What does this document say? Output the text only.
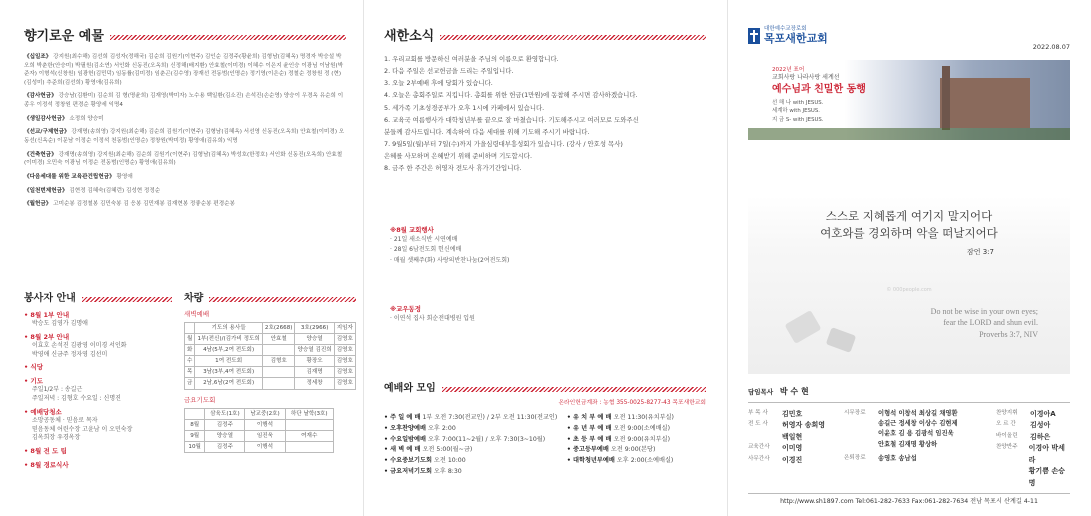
향기로운 예물
《십일조》 강지원(최수해) 김선희 김성자(정해국) 김순희 김원기(이현주) 김인순 김정주(황윤희) 김형남(김혜옥) 명경자 박승설 박오희 박춘한(안승미) 박필원(김소연) 서인화 신동진(오옥희) 신정해(배지환) 안효철(이미경) 이혜수 이은지 윤인승 이광님 이남원(박준자) 이형석(신창원) 임광헌(김민덕) 임동률(김미정) 임춘곤(김수영) 장재선 전동범(인명순) 정기영(이은순) 정철순 정창원 정 (현)(김성미) 추준희(김선희) 황영애(김유희)
《감사헌금》 강승남(김환미) 김순희 김 형(명윤희) 김재영(박미자) 노수용 백일환(김소진) 손석진(손순영) 양승이 우경옥 유순희 이종우 이정석 정창원 편경순 황양세 익명4
《생일감사헌금》 소정희 양승미
《선교/구제헌금》 강재명(송희영) 강지원(최순해) 김순희 김원기(이현주) 김형남(김혜옥) 서선영 신동진(오옥희) 안효철(이미경) 오동선(신옥순) 이문남 이정순 이정석 천동범(인명순) 정창원(박미정) 황영애(김유희) 익명
《건축헌금》 강재명(송희영) 강지원(최순해) 김순희 김원기(이현주) 김형남(김혜옥) 박성호(한정호) 서인화 신동진(오옥희) 안효철(이미경) 오민숙 이광님 이정순 전동범(인명순) 황영애(김유희)
《다음세대를 위한 교육관건립헌금》 황영애
《일천번제헌금》 김현정 김혜숙(김혜런) 김성현 정정순
《월헌금》 고미순봉 김정철봉 김민숙봉 김 응봉 김민재봉 김재현봉 정좋순봉 편경순봉
봉사자 안내
• 8월 1부 안내
박승도 김영가 김명애
• 8월 2부 안내
이효호 손석진 김광영 이미경 서인화
박영애 신금주 정자영 김선미
• 식당
• 기도
주일1/2부 : 송길근
주일저녁 : 김형호 수요일 : 신명진
• 예배당청소
소망공동체 · 믿음로 목자
믿음동체 어린수장 고윤남 이 오민숙장
김옥희장 우경옥장
• 8월 전 도 팀
• 8월 경로식사
차량
새벽예배
	기도의 용사들	2호(2668)	3호(2966)	지임자
월	1부(전신)/(김가비 정도희	안효철	양승열	김영호
화	4남(5부,2여 전도회)		양승열 김진희	김영호
수	1여 전도회	김형호	황장오	김영호
목	3남(3부,4여 전도회)		김재명	김영호
금	2남,6남(2여 전도회)		정세창	김영호
금요기도회
	삼육도(1호)	남교중(2호)	하단 날학(3호)
8월	김정주	이행석	
9월	양승열	임진욱	여재수
10월	김정주	이행석	
새한소식
1. 우리교회를 방문하신 여러분을 주님의 이름으로 환영합니다.
2. 다음 주일은 선교헌금을 드리는 주일입니다.
3. 오늘 2부예배 후에 당회가 있습니다.
4. 오늘은 총회주일로 지킵니다. 총회를 위한 헌금(1만원)에 동참해 주시면 감사하겠습니다.
5. 세가족 기초성경공부가 오후 1시에 카페에서 있습니다.
6. 교육국 여름행사가 대학청년부를 끝으로 잘 마쳤습니다. 기도해주시고 여러모로 도와주신
분들께 감사드립니다. 계속하여 다음 세대를 위해 기도해 주시기 바랍니다.
7. 9월5일(월)부터 7일(수)까지 가을심령대부흥성회가 있습니다. (강사 / 안호성 목사)
은혜를 사모하며 은혜받기 위해 준비하며 기도합시다.
8. 금주 한 주간은 허영자 전도사 휴가기간입니다.
※8월 교회행사
· 21일 새소식반 시연예배
· 28일 6남전도회 헌신예배
· 매월 셋째주(화) 사랑의반찬나눔(2여전도회)
※교우동정
· 이연석 집사 회순전대병원 입원
예배와 모임
온라인헌금계좌 : 농협 355-0025-8277-43 목포새한교회
• 주 일 예 배 1부 오전 7:30(전교인) / 2부 오전 11:30(전교인)
• 오후찬양예배 오후 2:00
• 수요일밤예배 오후 7:00(11~2월) / 오후 7:30(3~10월)
• 새 벽 예 배 오전 5:00(월~금)
• 수요중보기도회 오전 10:00
• 금요저녁기도회 오후 8:30
• 유 치 부 예 배 오전 11:30(유치부실)
• 유 년 부 예 배 오전 9:00(소예배실)
• 초 등 부 예 배 오전 9:00(유치부실)
• 중고등부예배 오전 9:00(본당)
• 대학청년부예배 오후 2:00(소예배실)
대한예수교장로회
목포새한교회
2022.08.07
2022년 표어
교회사랑 나라사랑 세계선
예수님과 친밀한 동행
선 해 나 with JESUS.
세계하 with JESUS.
지 금 S- with JESUS.
스스로 지혜롭게 여기지 말지어다
여호와를 경외하며 악을 떠날지어다
잠언 3:7
© 000people.com
Do not be wise in your own eyes;
fear the LORD and shun evil.
Proverbs 3:7, NIV
담임목사 박 수 현
부 목 사	김민호
전 도 사	허영자 송희영
백일현
교육간사	이미영
사무간사	이경진
시무장로	이형석 이창석 최상길 채영환
송길근 정세창 이상수 김현제
이윤호 김 용 김광석 임진욱
안효철 김재명 황상하
은퇴장로	송영호 송남섭
찬양지휘	이경아A
오 르 간	김성아
바이올린	김하은
찬양반주	이경아 박세라
황기쁨 손승명
http://www.sh1897.com Tel:061-282-7633 Fax:061-282-7634 전남 목포시 산계길 4-11
